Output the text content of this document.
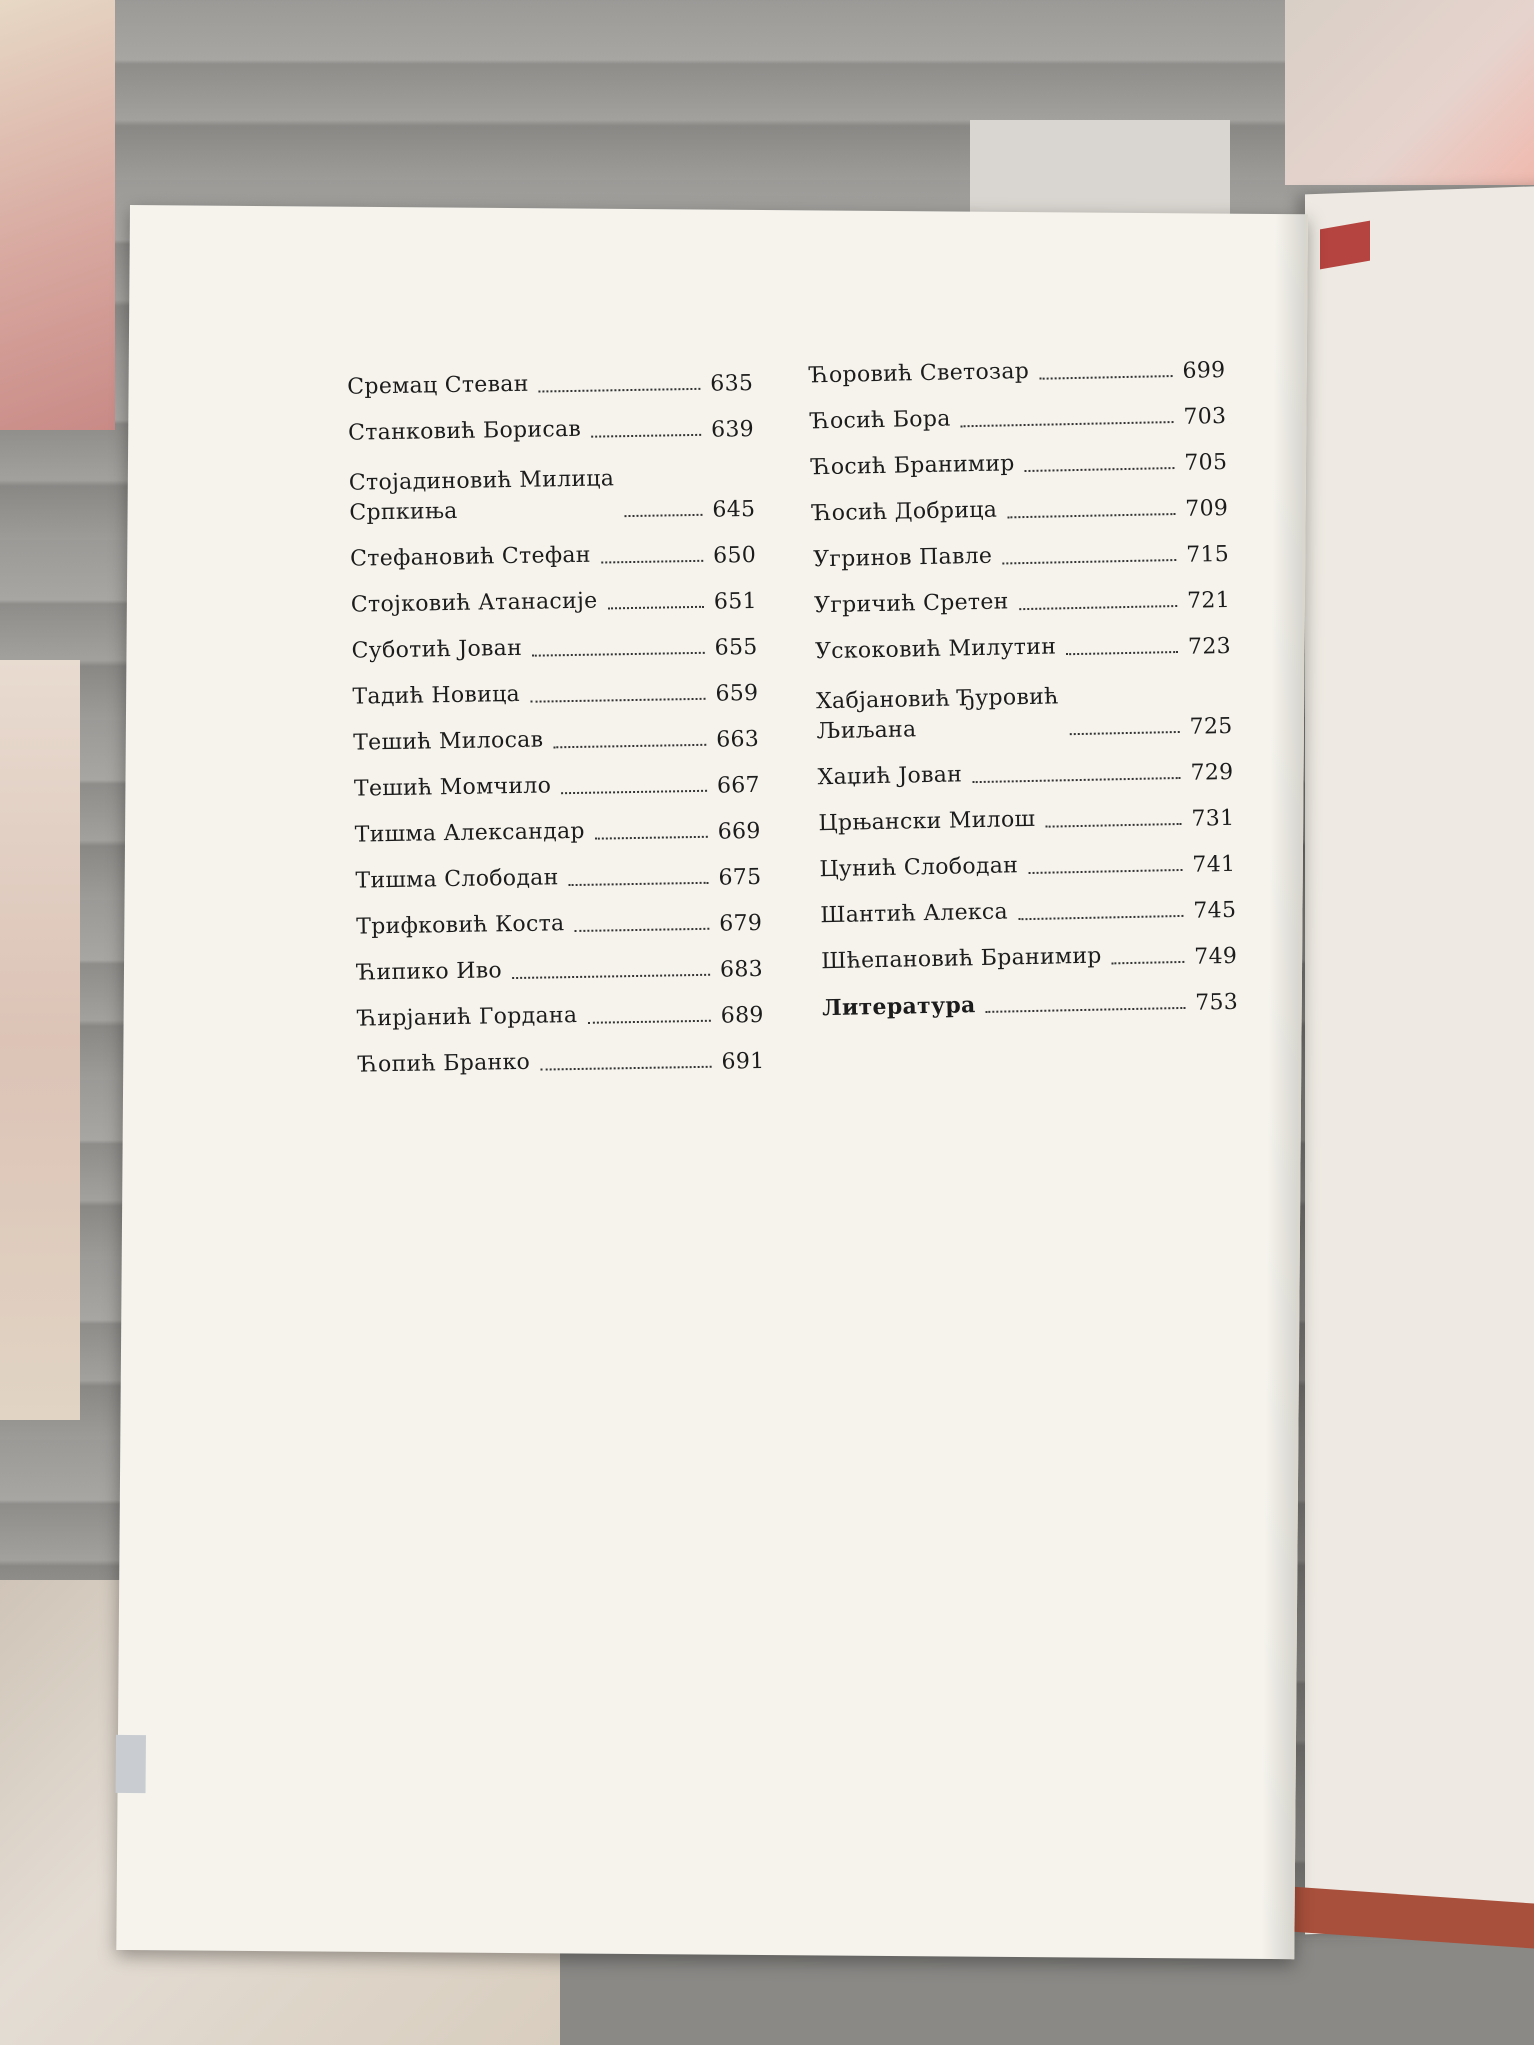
Сремац Стеван	635
Станковић Борисав	639
Стојадиновић Милица
Српкиња	645
Стефановић Стефан	650
Стојковић Атанасије	651
Суботић Јован	655
Тадић Новица	659
Тешић Милосав	663
Тешић Момчило	667
Тишма Александар	669
Тишма Слободан	675
Трифковић Коста	679
Ћипико Иво	683
Ћирјанић Гордана	689
Ћопић Бранко	691
Ћоровић Светозар	699
Ћосић Бора	703
Ћосић Бранимир	705
Ћосић Добрица	709
Угринов Павле	715
Угричић Сретен	721
Ускоковић Милутин	723
Хабјановић Ђуровић
Љиљана	725
Хаџић Јован	729
Црњански Милош	731
Цунић Слободан	741
Шантић Алекса	745
Шћепановић Бранимир	749
Литература	753
